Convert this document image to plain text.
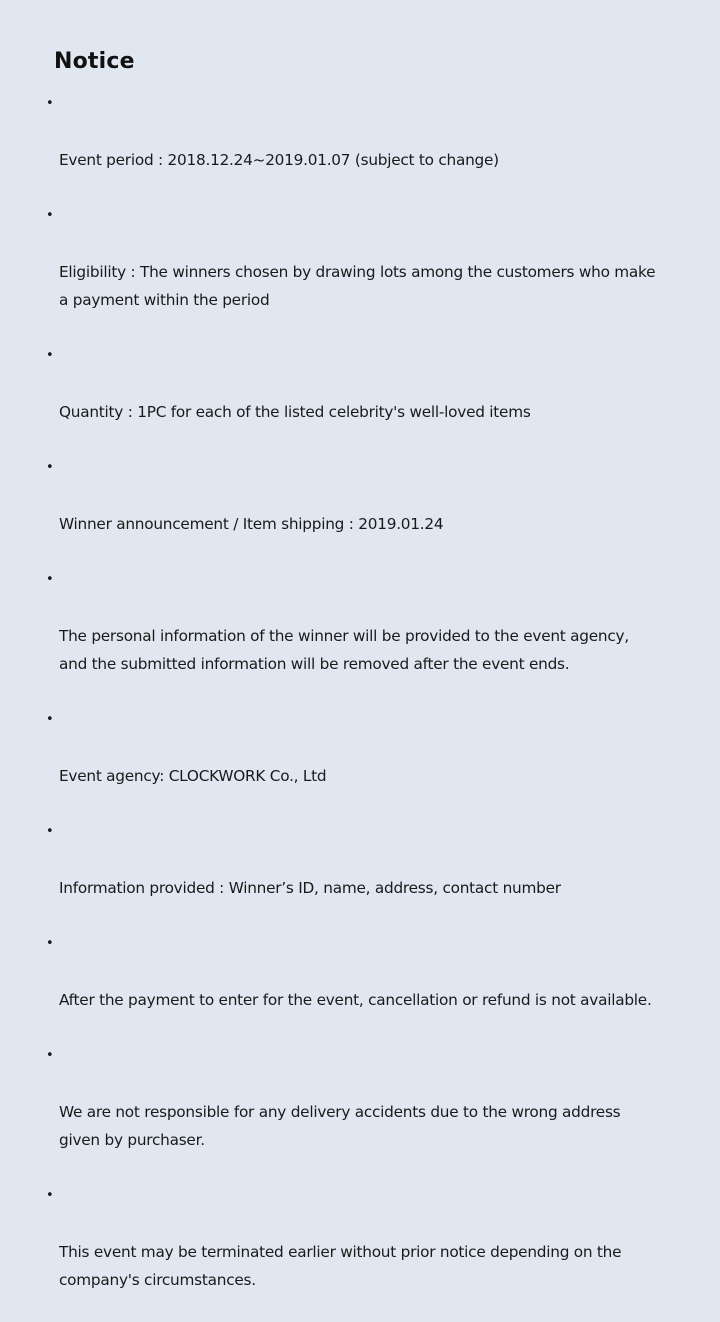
Notice

•

Event period : 2018.12.24~2019.01.07 (subject to change)

•

Eligibility : The winners chosen by drawing lots among the customers who make
a payment within the period

•

Quantity : 1PC for each of the listed celebrity's well-loved items

•

Winner announcement / Item shipping : 2019.01.24

•

The personal information of the winner will be provided to the event agency,
and the submitted information will be removed after the event ends.

•

Event agency: CLOCKWORK Co., Ltd

•

Information provided : Winner’s ID, name, address, contact number

•

After the payment to enter for the event, cancellation or refund is not available.

•

We are not responsible for any delivery accidents due to the wrong address
given by purchaser.

•

This event may be terminated earlier without prior notice depending on the
company's circumstances.
